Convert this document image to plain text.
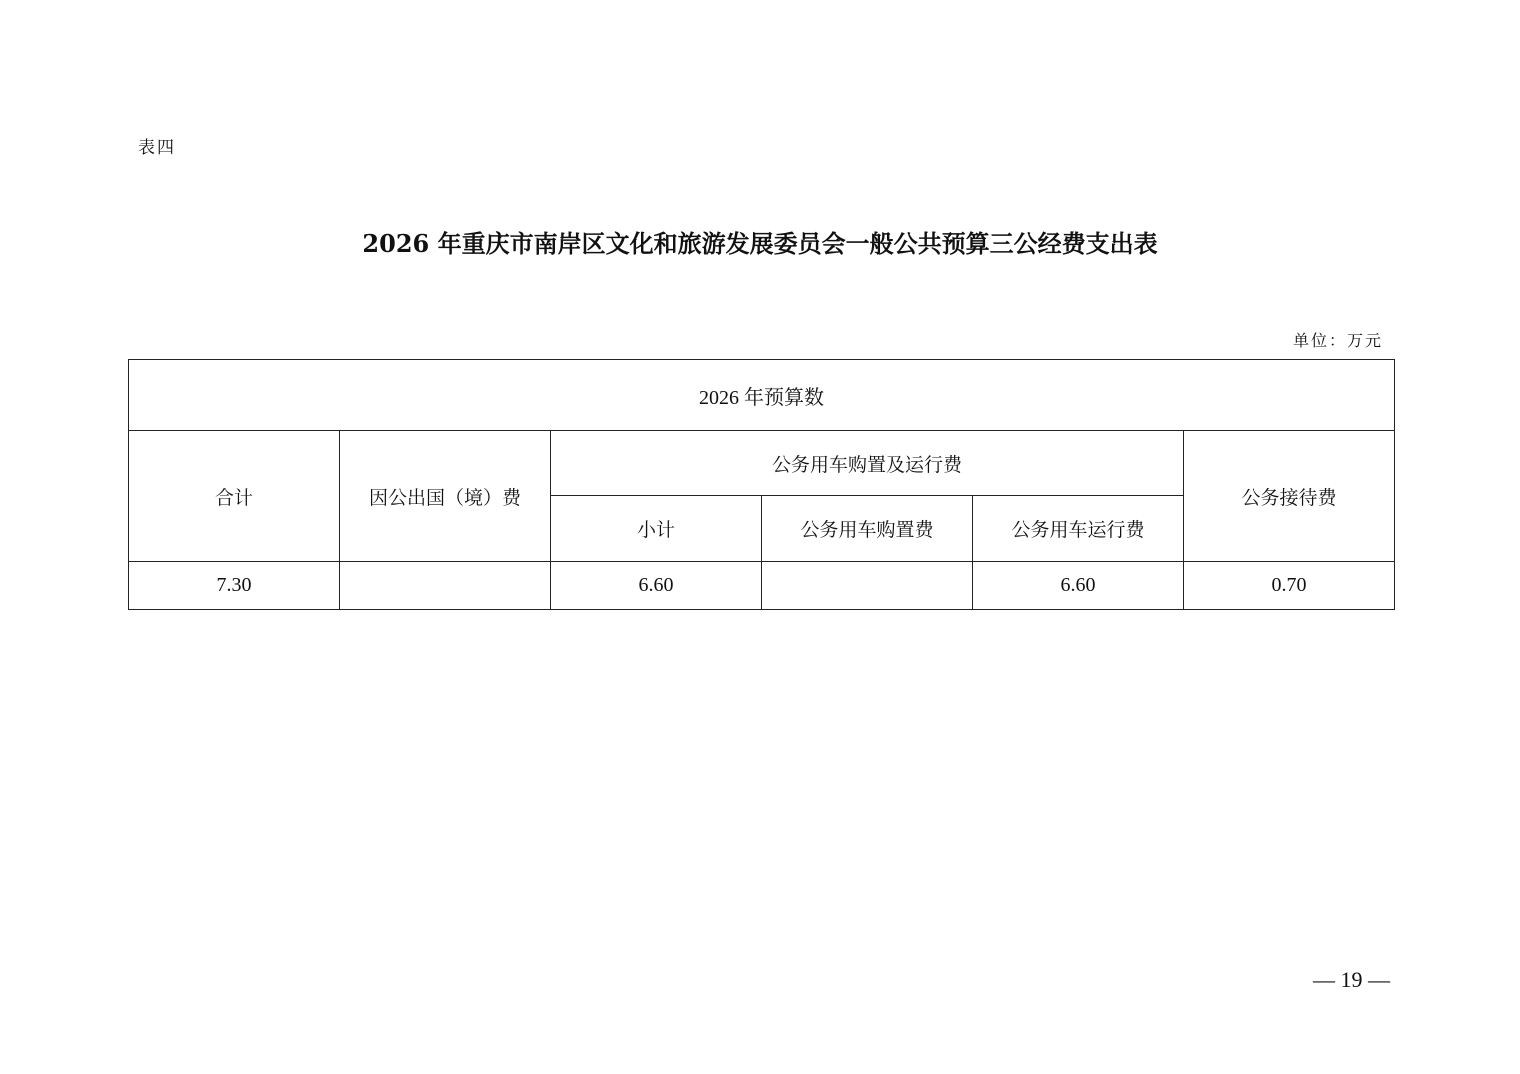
表四
2026 年重庆市南岸区文化和旅游发展委员会一般公共预算三公经费支出表
单位：万元
2026 年预算数					
合计	因公出国（境）费	公务用车购置及运行费			公务接待费
		小计	公务用车购置费	公务用车运行费	
7.30		6.60		6.60	0.70
— 19 —
